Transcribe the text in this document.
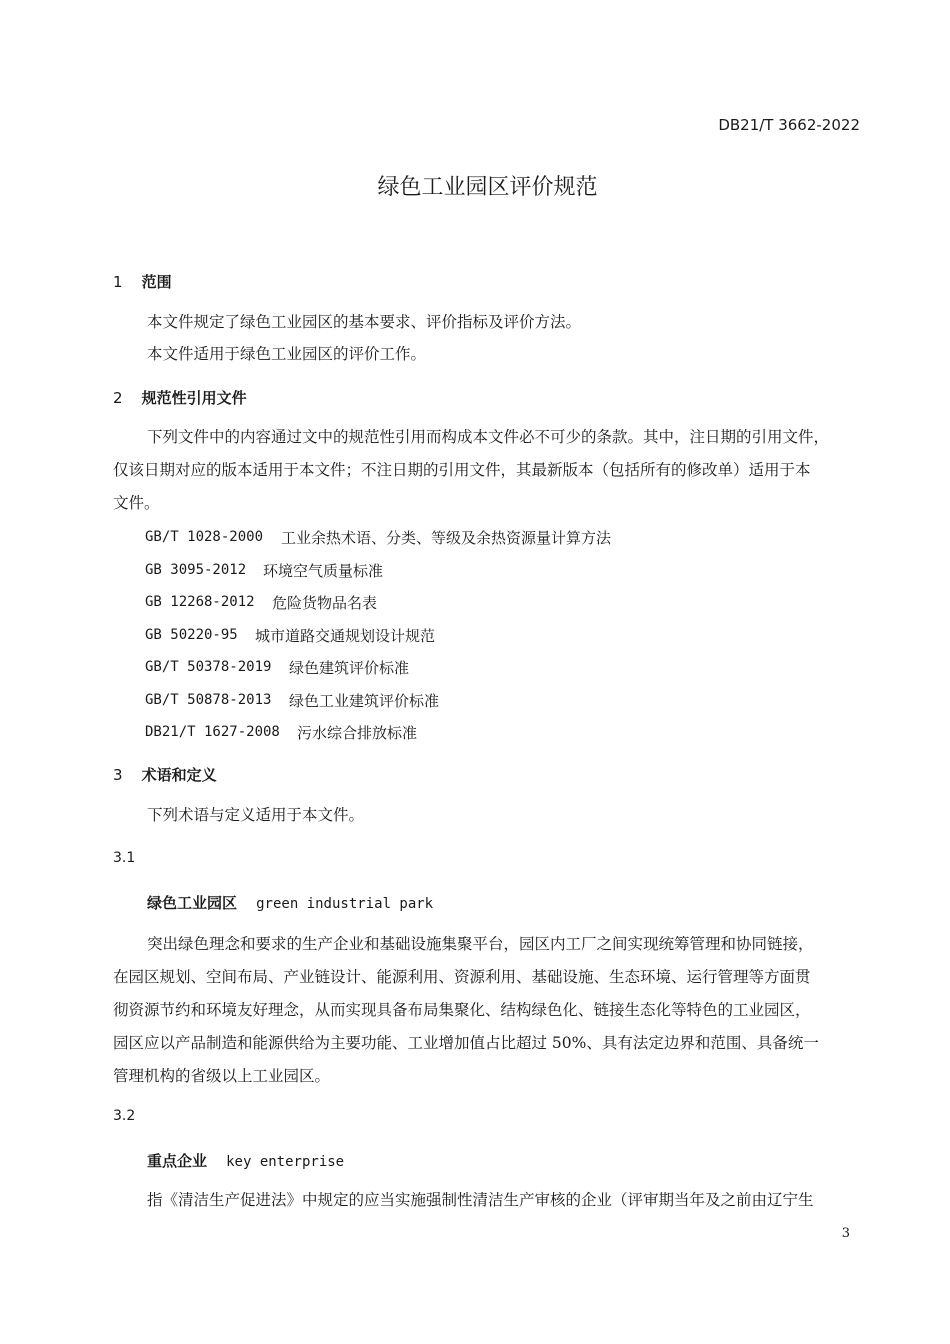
DB21/T 3662-2022
绿色工业园区评价规范
1 范围
本文件规定了绿色工业园区的基本要求、评价指标及评价方法。
本文件适用于绿色工业园区的评价工作。
2 规范性引用文件
下列文件中的内容通过文中的规范性引用而构成本文件必不可少的条款。其中，注日期的引用文件，
仅该日期对应的版本适用于本文件；不注日期的引用文件，其最新版本（包括所有的修改单）适用于本
文件。
GB/T 1028-2000 工业余热术语、分类、等级及余热资源量计算方法
GB 3095-2012 环境空气质量标准
GB 12268-2012 危险货物品名表
GB 50220-95 城市道路交通规划设计规范
GB/T 50378-2019 绿色建筑评价标准
GB/T 50878-2013 绿色工业建筑评价标准
DB21/T 1627-2008 污水综合排放标准
3 术语和定义
下列术语与定义适用于本文件。
3.1
绿色工业园区 green industrial park
突出绿色理念和要求的生产企业和基础设施集聚平台，园区内工厂之间实现统筹管理和协同链接，
在园区规划、空间布局、产业链设计、能源利用、资源利用、基础设施、生态环境、运行管理等方面贯
彻资源节约和环境友好理念，从而实现具备布局集聚化、结构绿色化、链接生态化等特色的工业园区，
园区应以产品制造和能源供给为主要功能、工业增加值占比超过 50%、具有法定边界和范围、具备统一
管理机构的省级以上工业园区。
3.2
重点企业 key enterprise
指《清洁生产促进法》中规定的应当实施强制性清洁生产审核的企业（评审期当年及之前由辽宁生
3
